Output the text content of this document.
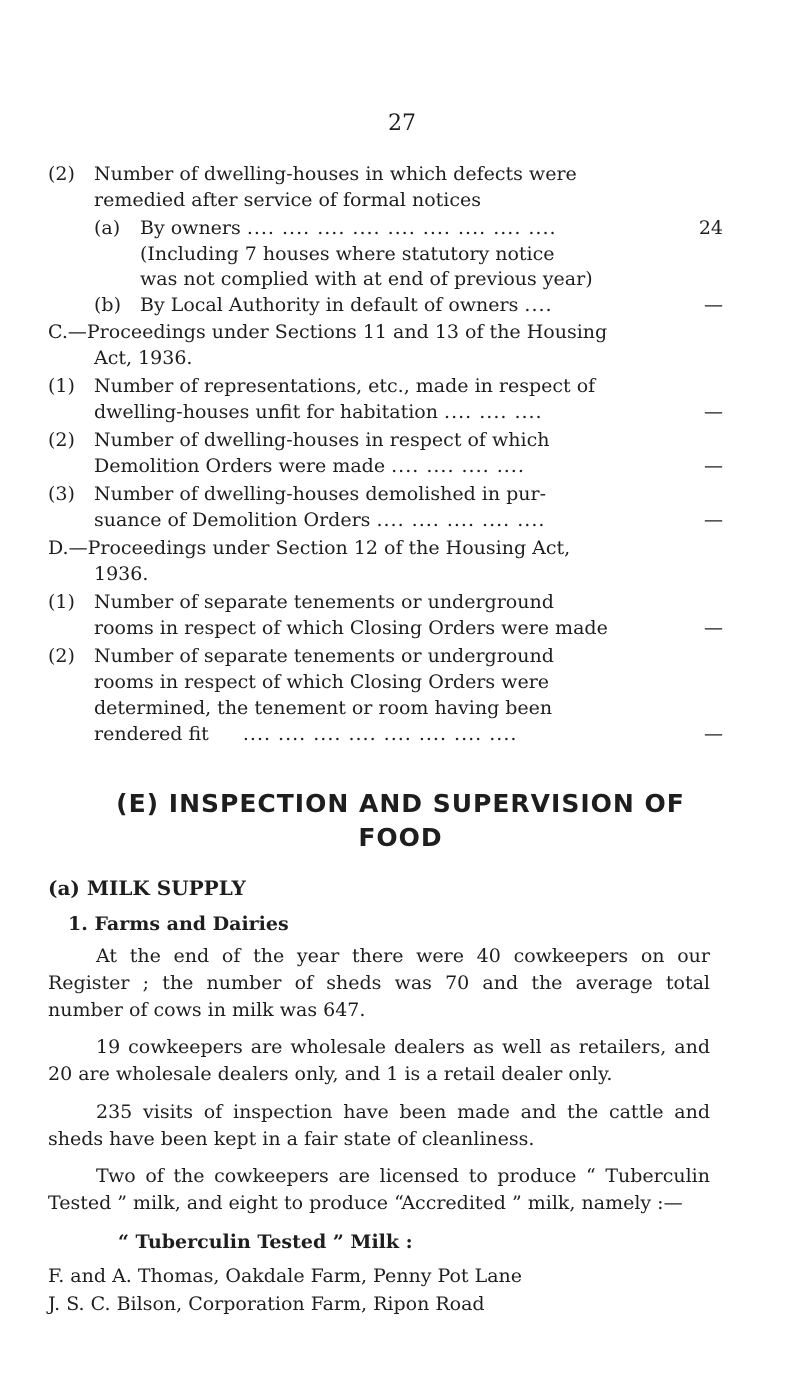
27
(2) Number of dwelling-houses in which defects were
remedied after service of formal notices
(a) By owners .... .... .... .... .... .... .... .... ....	24
(Including 7 houses where statutory notice
was not complied with at end of previous year)
(b) By Local Authority in default of owners ....	—
C.—Proceedings under Sections 11 and 13 of the Housing
Act, 1936.
(1) Number of representations, etc., made in respect of
dwelling-houses unfit for habitation .... .... ....	—
(2) Number of dwelling-houses in respect of which
Demolition Orders were made .... .... .... ....	—
(3) Number of dwelling-houses demolished in pur-
suance of Demolition Orders .... .... .... .... ....	—
D.—Proceedings under Section 12 of the Housing Act,
1936.
(1) Number of separate tenements or underground
rooms in respect of which Closing Orders were made	—
(2) Number of separate tenements or underground
rooms in respect of which Closing Orders were
determined, the tenement or room having been
rendered fit .... .... .... .... .... .... .... ....	—
(E) INSPECTION AND SUPERVISION OF
FOOD
(a) MILK SUPPLY
1. Farms and Dairies
At the end of the year there were 40 cowkeepers on our Register ; the number of sheds was 70 and the average total number of cows in milk was 647.
19 cowkeepers are wholesale dealers as well as retailers, and 20 are wholesale dealers only, and 1 is a retail dealer only.
235 visits of inspection have been made and the cattle and sheds have been kept in a fair state of cleanliness.
Two of the cowkeepers are licensed to produce “ Tuberculin Tested ” milk, and eight to produce “Accredited ” milk, namely :—
“ Tuberculin Tested ” Milk :
F. and A. Thomas, Oakdale Farm, Penny Pot Lane
J. S. C. Bilson, Corporation Farm, Ripon Road
